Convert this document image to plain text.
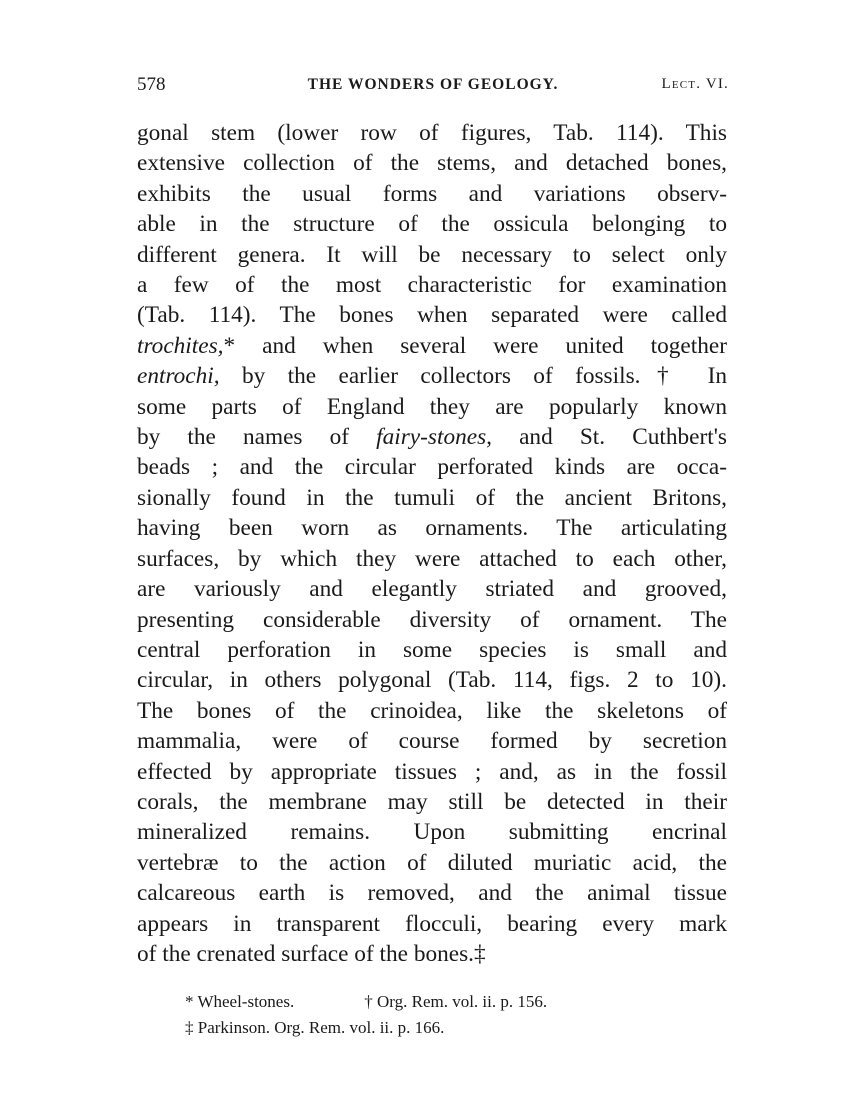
578	THE WONDERS OF GEOLOGY.	Lect. VI.
gonal stem (lower row of figures, Tab. 114). This
extensive collection of the stems, and detached bones,
exhibits the usual forms and variations observ-
able in the structure of the ossicula belonging to
different genera. It will be necessary to select only
a few of the most characteristic for examination
(Tab. 114). The bones when separated were called
trochites,* and when several were united together
entrochi, by the earlier collectors of fossils.† In
some parts of England they are popularly known
by the names of fairy-stones, and St. Cuthbert's
beads ; and the circular perforated kinds are occa-
sionally found in the tumuli of the ancient Britons,
having been worn as ornaments. The articulating
surfaces, by which they were attached to each other,
are variously and elegantly striated and grooved,
presenting considerable diversity of ornament. The
central perforation in some species is small and
circular, in others polygonal (Tab. 114, figs. 2 to 10).
The bones of the crinoidea, like the skeletons of
mammalia, were of course formed by secretion
effected by appropriate tissues ; and, as in the fossil
corals, the membrane may still be detected in their
mineralized remains. Upon submitting encrinal
vertebræ to the action of diluted muriatic acid, the
calcareous earth is removed, and the animal tissue
appears in transparent flocculi, bearing every mark
of the crenated surface of the bones.‡
* Wheel-stones.	† Org. Rem. vol. ii. p. 156.
‡ Parkinson. Org. Rem. vol. ii. p. 166.
